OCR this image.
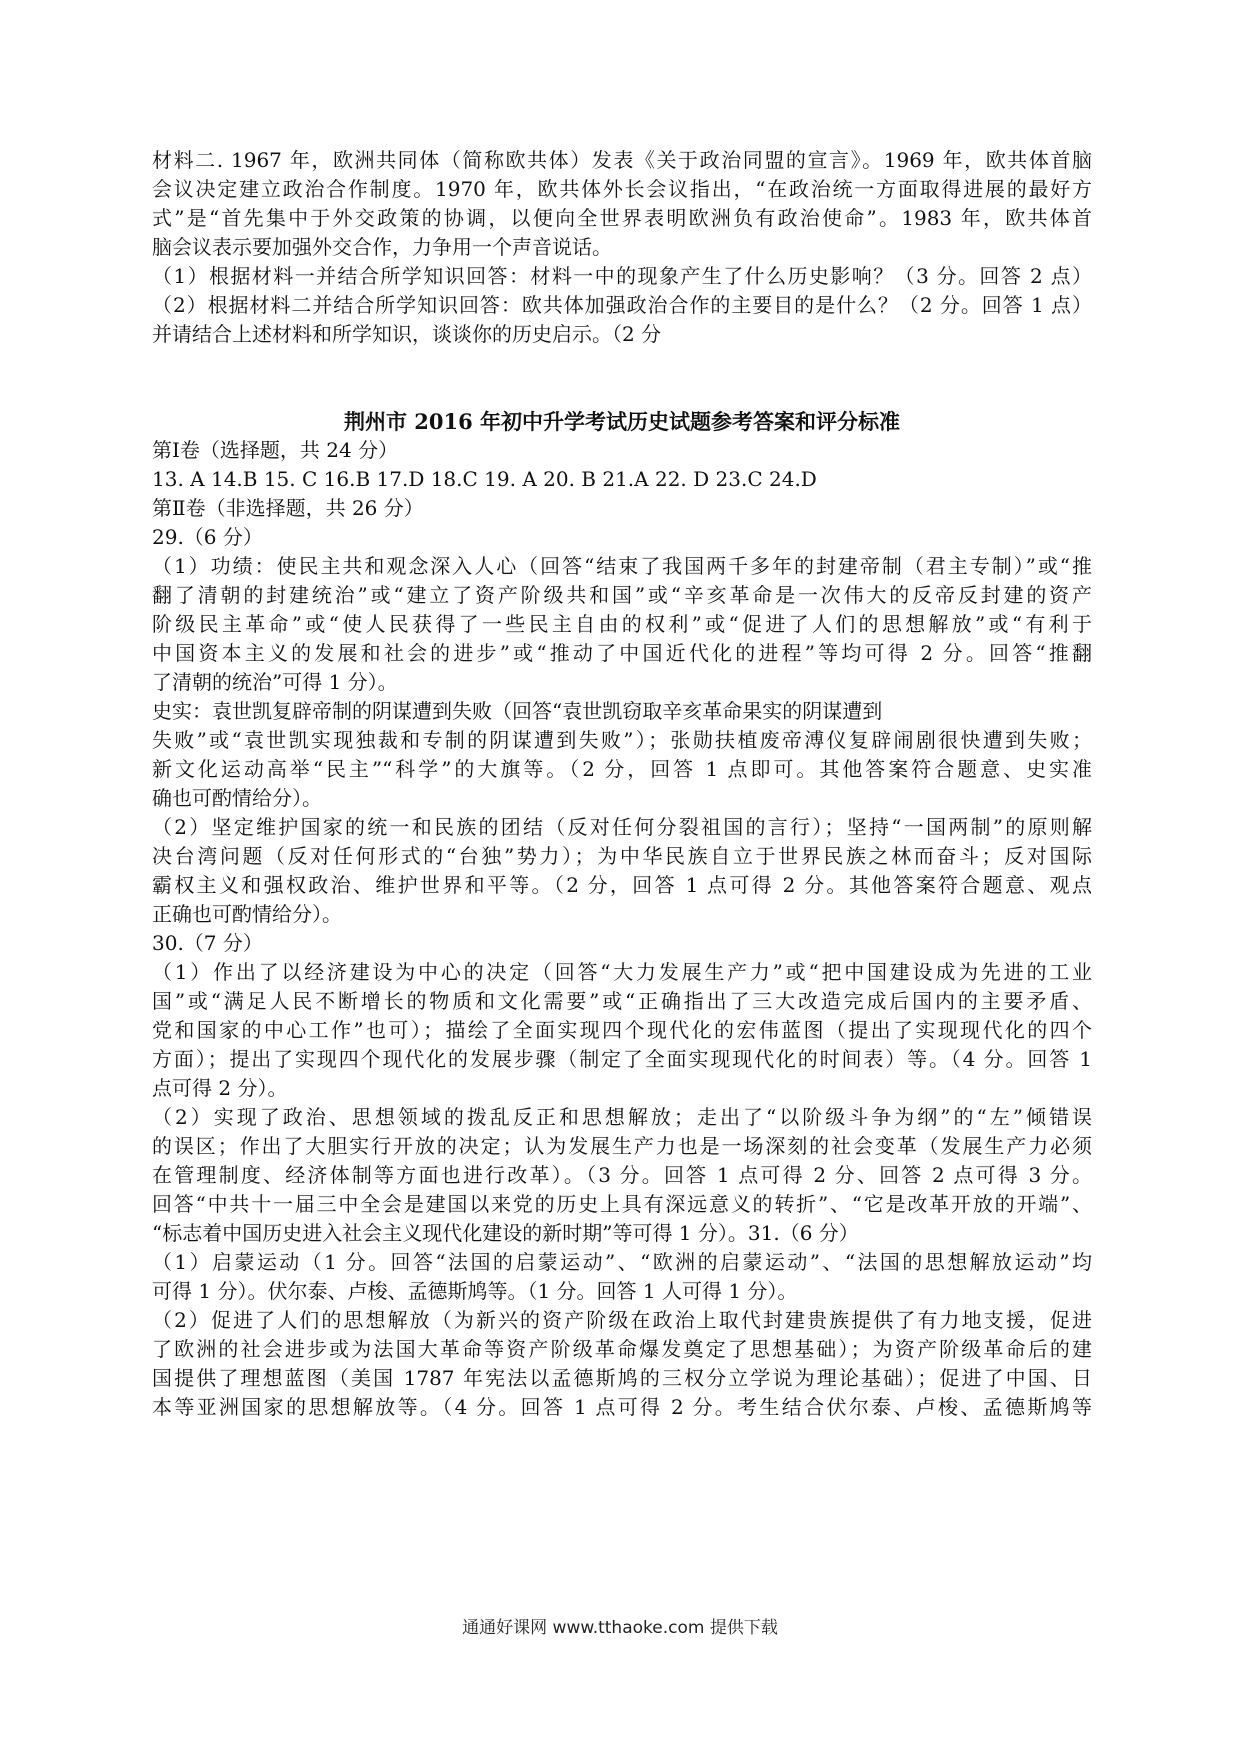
材料二. 1967 年，欧洲共同体（简称欧共体）发表《关于政治同盟的宣言》。1969 年，欧共体首脑
会议决定建立政治合作制度。1970 年，欧共体外长会议指出，“在政治统一方面取得进展的最好方
式”是“首先集中于外交政策的协调，以便向全世界表明欧洲负有政治使命”。1983 年，欧共体首
脑会议表示要加强外交合作，力争用一个声音说话。
（1）根据材料一并结合所学知识回答：材料一中的现象产生了什么历史影响？（3 分。回答 2 点）
（2）根据材料二并结合所学知识回答：欧共体加强政治合作的主要目的是什么？（2 分。回答 1 点）
并请结合上述材料和所学知识，谈谈你的历史启示。（2 分
荆州市 2016 年初中升学考试历史试题参考答案和评分标准
第Ⅰ卷（选择题，共 24 分）
13. A 14.B 15. C 16.B 17.D 18.C 19. A 20. B 21.A 22. D 23.C 24.D
第Ⅱ卷（非选择题，共 26 分）
29.（6 分）
（1）功绩：使民主共和观念深入人心（回答“结束了我国两千多年的封建帝制（君主专制）”或“推
翻了清朝的封建统治”或“建立了资产阶级共和国”或“辛亥革命是一次伟大的反帝反封建的资产
阶级民主革命”或“使人民获得了一些民主自由的权利”或“促进了人们的思想解放”或“有利于
中国资本主义的发展和社会的进步”或“推动了中国近代化的进程”等均可得 2 分。回答“推翻
了清朝的统治”可得 1 分）。
史实：袁世凯复辟帝制的阴谋遭到失败（回答“袁世凯窃取辛亥革命果实的阴谋遭到
失败”或“袁世凯实现独裁和专制的阴谋遭到失败”）；张勋扶植废帝溥仪复辟闹剧很快遭到失败；
新文化运动高举“民主”“科学”的大旗等。（2 分，回答 1 点即可。其他答案符合题意、史实准
确也可酌情给分）。
（2）坚定维护国家的统一和民族的团结（反对任何分裂祖国的言行）；坚持“一国两制”的原则解
决台湾问题（反对任何形式的“台独”势力）；为中华民族自立于世界民族之林而奋斗；反对国际
霸权主义和强权政治、维护世界和平等。（2 分，回答 1 点可得 2 分。其他答案符合题意、观点
正确也可酌情给分）。
30.（7 分）
（1）作出了以经济建设为中心的决定（回答“大力发展生产力”或“把中国建设成为先进的工业
国”或“满足人民不断增长的物质和文化需要”或“正确指出了三大改造完成后国内的主要矛盾、
党和国家的中心工作”也可）；描绘了全面实现四个现代化的宏伟蓝图（提出了实现现代化的四个
方面）；提出了实现四个现代化的发展步骤（制定了全面实现现代化的时间表）等。（4 分。回答 1
点可得 2 分）。
（2）实现了政治、思想领域的拨乱反正和思想解放；走出了“以阶级斗争为纲”的“左”倾错误
的误区；作出了大胆实行开放的决定；认为发展生产力也是一场深刻的社会变革（发展生产力必须
在管理制度、经济体制等方面也进行改革）。（3 分。回答 1 点可得 2 分、回答 2 点可得 3 分。
回答“中共十一届三中全会是建国以来党的历史上具有深远意义的转折”、“它是改革开放的开端”、
“标志着中国历史进入社会主义现代化建设的新时期”等可得 1 分）。31.（6 分）
（1）启蒙运动（1 分。回答“法国的启蒙运动”、“欧洲的启蒙运动”、“法国的思想解放运动”均
可得 1 分）。伏尔泰、卢梭、孟德斯鸠等。（1 分。回答 1 人可得 1 分）。
（2）促进了人们的思想解放（为新兴的资产阶级在政治上取代封建贵族提供了有力地支援，促进
了欧洲的社会进步或为法国大革命等资产阶级革命爆发奠定了思想基础）；为资产阶级革命后的建
国提供了理想蓝图（美国 1787 年宪法以孟德斯鸠的三权分立学说为理论基础）；促进了中国、日
本等亚洲国家的思想解放等。（4 分。回答 1 点可得 2 分。考生结合伏尔泰、卢梭、孟德斯鸠等
通通好课网 www.tthaoke.com 提供下载
